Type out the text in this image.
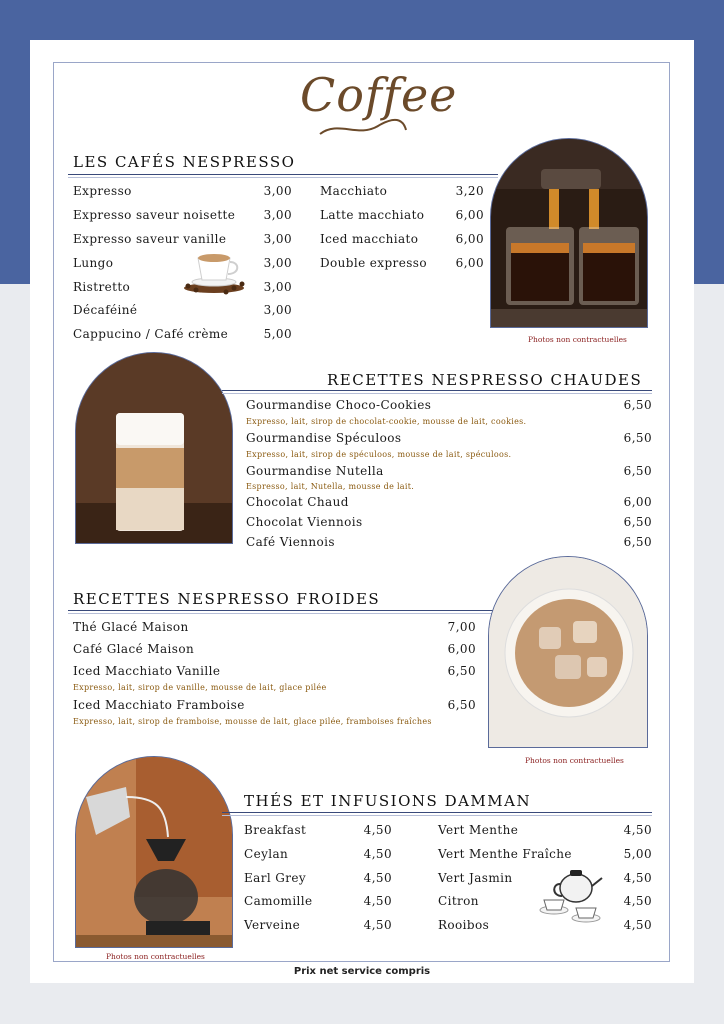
Coffee
LES CAFÉS NESPRESSO
Expresso	3,00
Expresso saveur noisette	3,00
Expresso saveur vanille	3,00
Lungo	3,00
Ristretto	3,00
Décaféiné	3,00
Cappucino / Café crème	5,00
Macchiato	3,20
Latte macchiato	6,00
Iced macchiato	6,00
Double expresso	6,00
Photos non contractuelles
RECETTES NESPRESSO CHAUDES
Gourmandise Choco-Cookies	6,50
Expresso, lait, sirop de chocolat-cookie, mousse de lait, cookies.
Gourmandise Spéculoos	6,50
Expresso, lait, sirop de spéculoos, mousse de lait, spéculoos.
Gourmandise Nutella	6,50
Espresso, lait, Nutella, mousse de lait.
Chocolat Chaud	6,00
Chocolat Viennois	6,50
Café Viennois	6,50
RECETTES NESPRESSO FROIDES
Thé Glacé Maison	7,00
Café Glacé Maison	6,00
Iced Macchiato Vanille	6,50
Expresso, lait, sirop de vanille, mousse de lait, glace pilée
Iced Macchiato Framboise	6,50
Expresso, lait, sirop de framboise, mousse de lait, glace pilée, framboises fraîches
Photos non contractuelles
Photos non contractuelles
THÉS ET INFUSIONS DAMMAN
Breakfast	4,50
Ceylan	4,50
Earl Grey	4,50
Camomille	4,50
Verveine	4,50
Vert Menthe	4,50
Vert Menthe Fraîche	5,00
Vert Jasmin	4,50
Citron	4,50
Rooibos	4,50
Prix net service compris
